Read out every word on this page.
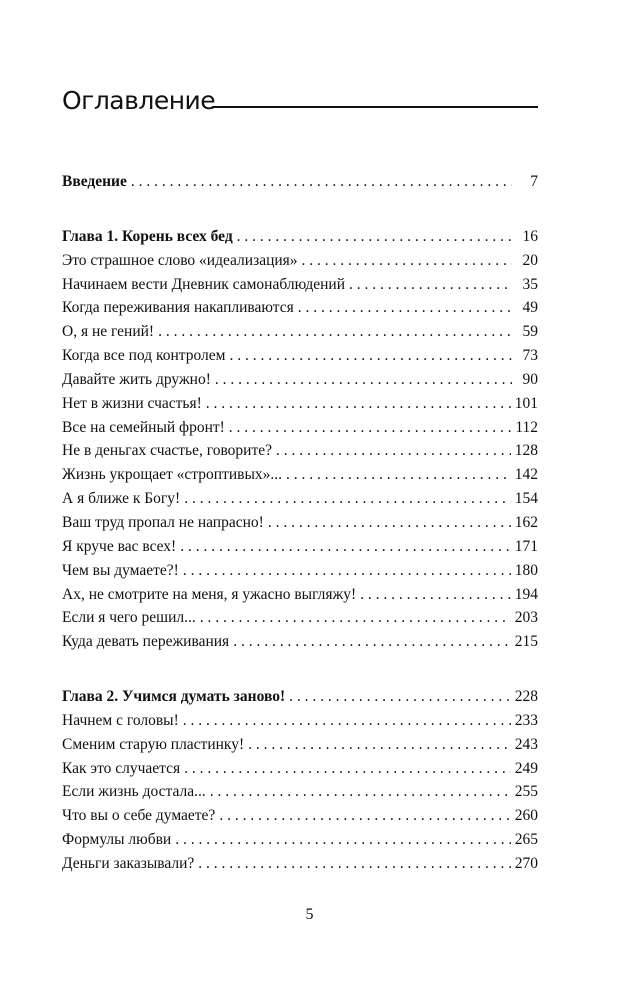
Оглавление
Введение . . .	7
Глава 1. Корень всех бед . . .	16
Это страшное слово «идеализация» . . .	20
Начинаем вести Дневник самонаблюдений . . .	35
Когда переживания накапливаются . . .	49
О, я не гений! . . .	59
Когда все под контролем . . .	73
Давайте жить дружно! . . .	90
Нет в жизни счастья! . . .	101
Все на семейный фронт! . . .	112
Не в деньгах счастье, говорите? . . .	128
Жизнь укрощает «строптивых»... . . .	142
А я ближе к Богу! . . .	154
Ваш труд пропал не напрасно! . . .	162
Я круче вас всех! . . .	171
Чем вы думаете?! . . .	180
Ах, не смотрите на меня, я ужасно выгляжу! . . .	194
Если я чего решил... . . .	203
Куда девать переживания . . .	215
Глава 2. Учимся думать заново! . . .	228
Начнем с головы! . . .	233
Сменим старую пластинку! . . .	243
Как это случается . . .	249
Если жизнь достала... . . .	255
Что вы о себе думаете? . . .	260
Формулы любви . . .	265
Деньги заказывали? . . .	270
5
